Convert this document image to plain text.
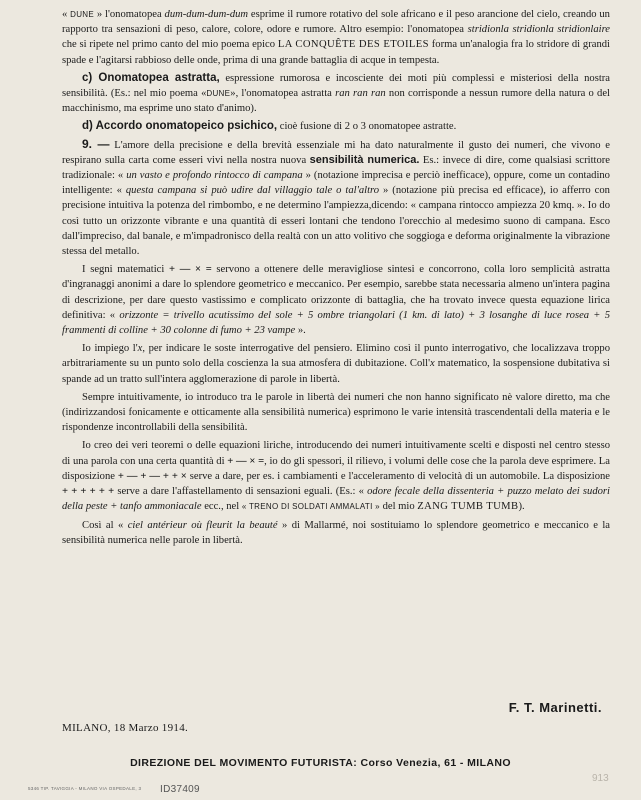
« DUNE » l'onomatopea dum-dum-dum-dum esprime il rumore rotativo del sole africano e il peso arancione del cielo, creando un rapporto tra sensazioni di peso, calore, colore, odore e rumore. Altro esempio: l'onomatopea stridionla stridionla stridionlaire che si ripete nel primo canto del mio poema epico LA CONQUÊTE DES ETOILES forma un'analogia fra lo stridore di grandi spade e l'agitarsi rabbioso delle onde, prima di una grande battaglia di acque in tempesta.

c) Onomatopea astratta, espressione rumorosa e incosciente dei moti più complessi e misteriosi della nostra sensibilità. (Es.: nel mio poema «DUNE», l'onomatopea astratta ran ran ran non corrisponde a nessun rumore della natura o del macchinismo, ma esprime uno stato d'animo).

d) Accordo onomatopeico psichico, cioè fusione di 2 o 3 onomatopee astratte.

9. — L'amore della precisione e della brevità essenziale mi ha dato naturalmente il gusto dei numeri, che vivono e respirano sulla carta come esseri vivi nella nostra nuova sensibilità numerica. Es.: invece di dire, come qualsiasi scrittore tradizionale: « un vasto e profondo rintocco di campana » (notazione imprecisa e perciò inefficace), oppure, come un contadino intelligente: « questa campana si può udire dal villaggio tale o tal'altro » (notazione più precisa ed efficace), io afferro con precisione intuitiva la potenza del rimbombo, e ne determino l'ampiezza,dicendo: « campana rintocco ampiezza 20 kmq. ». Io do così tutto un orizzonte vibrante e una quantità di esseri lontani che tendono l'orecchio al medesimo suono di campana. Esco dall'impreciso, dal banale, e m'impadronisco della realtà con un atto volitivo che soggioga e deforma originalmente la vibrazione stessa del metallo.

I segni matematici + — × = servono a ottenere delle meravigliose sintesi e concorrono, colla loro semplicità astratta d'ingranaggi anonimi a dare lo splendore geometrico e meccanico. Per esempio, sarebbe stata necessaria almeno un'intera pagina di descrizione, per dare questo vastissimo e complicato orizzonte di battaglia, che ha trovato invece questa equazione lirica definitiva: « orizzonte = trivello acutissimo del sole + 5 ombre triangolari (1 km. di lato) + 3 losanghe di luce rosea + 5 frammenti di colline + 30 colonne di fumo + 23 vampe ».

Io impiego l'x, per indicare le soste interrogative del pensiero. Elimino così il punto interrogativo, che localizzava troppo arbitrariamente su un punto solo della coscienza la sua atmosfera di dubitazione. Coll'x matematico, la sospensione dubitativa si spande ad un tratto sull'intera agglomerazione di parole in libertà.

Sempre intuitivamente, io introduco tra le parole in libertà dei numeri che non hanno significato nè valore diretto, ma che (indirizzandosi fonicamente e otticamente alla sensibilità numerica) esprimono le varie intensità trascendentali della materia e le rispondenze incontrollabili della sensibilità.

Io creo dei veri teoremi o delle equazioni liriche, introducendo dei numeri intuitivamente scelti e disposti nel centro stesso di una parola con una certa quantità di + — × =, io do gli spessori, il rilievo, i volumi delle cose che la parola deve esprimere. La disposizione + — + — + + × serve a dare, per es. i cambiamenti e l'acceleramento di velocità di un automobile. La disposizione + + + + + + serve a dare l'affastellamento di sensazioni eguali. (Es.: « odore fecale della dissenteria + puzzo melato dei sudori della peste + tanfo ammoniacale ecc., nel « TRENO DI SOLDATI AMMALATI » del mio ZANG TUMB TUMB).

Così al « ciel antérieur où fleurit la beauté » di Mallarmé, noi sostituiamo lo splendore geometrico e meccanico e la sensibilità numerica nelle parole in libertà.

F. T. Marinetti.
MILANO, 18 Marzo 1914.
DIREZIONE DEL MOVIMENTO FUTURISTA: Corso Venezia, 61 - MILANO
5346 TIP. TAVIGGIA - MILANO VIA OSPEDALE, 3 ID37409
913
